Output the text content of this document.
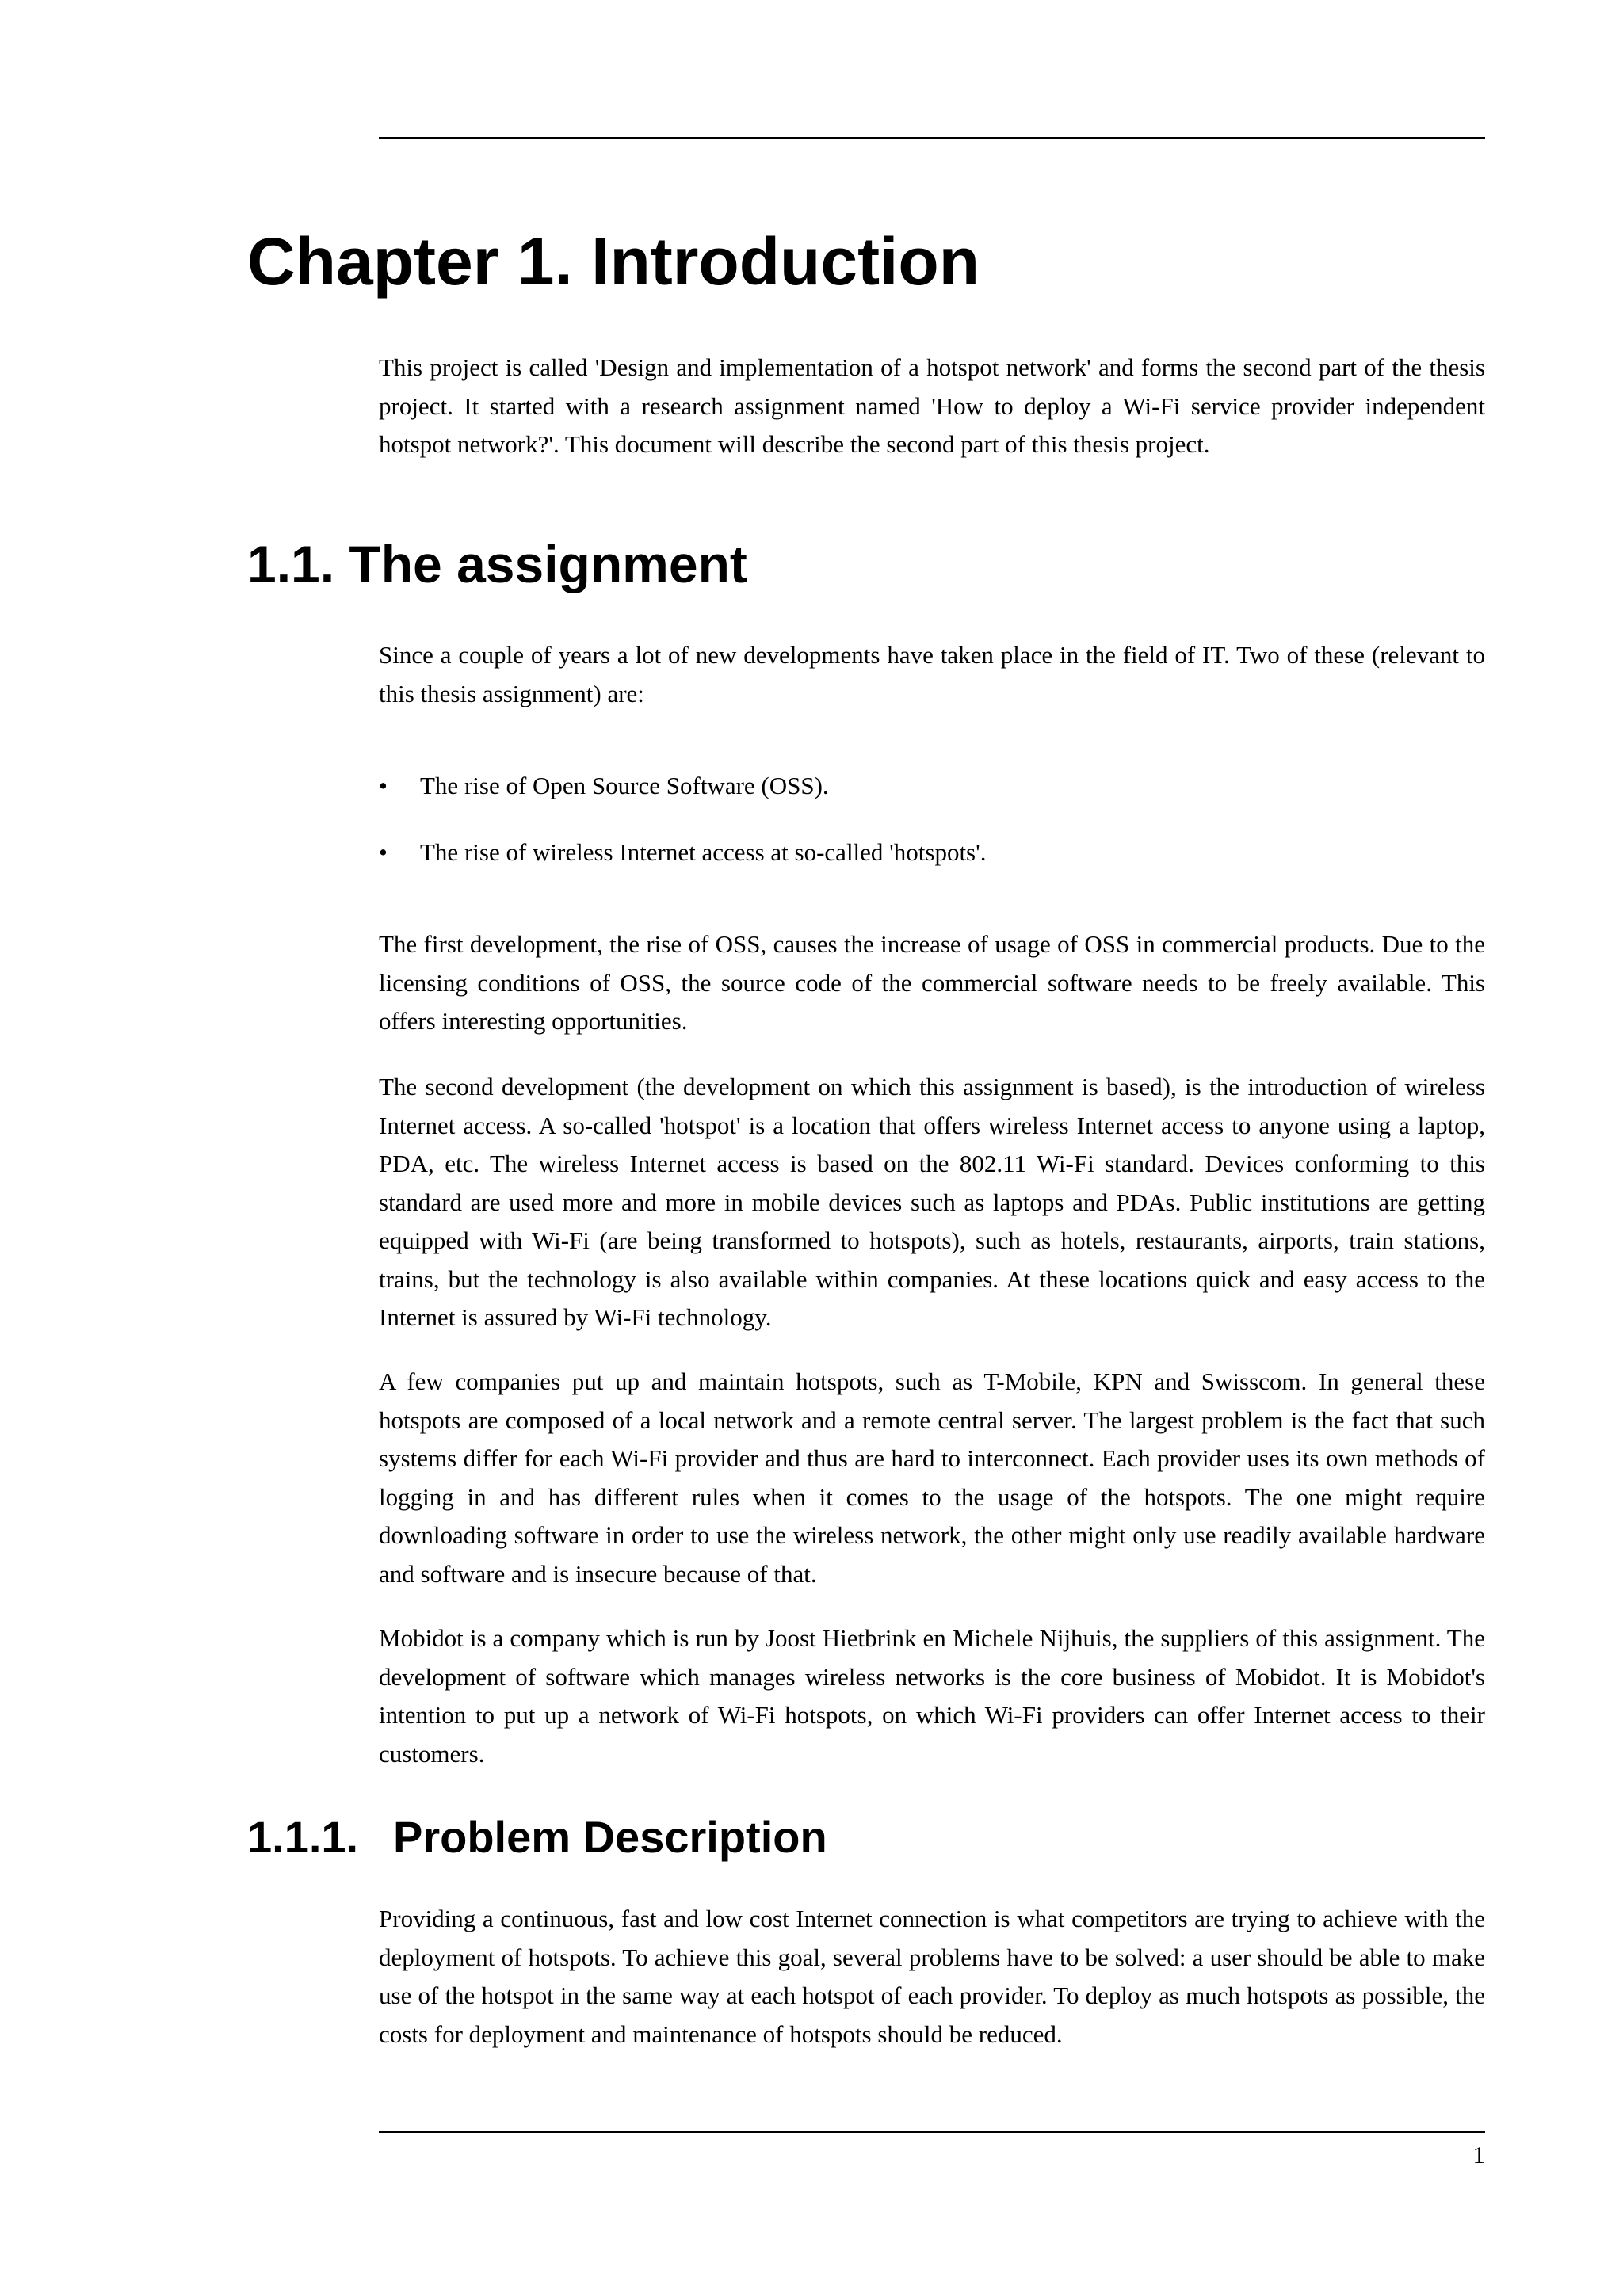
Chapter 1. Introduction

This project is called 'Design and implementation of a hotspot network' and forms the second part of the thesis project. It started with a research assignment named 'How to deploy a Wi-Fi service provider independent hotspot network?'. This document will describe the second part of this thesis project.

1.1. The assignment

Since a couple of years a lot of new developments have taken place in the field of IT. Two of these (relevant to this thesis assignment) are:

• The rise of Open Source Software (OSS).
• The rise of wireless Internet access at so-called 'hotspots'.

The first development, the rise of OSS, causes the increase of usage of OSS in commercial products. Due to the licensing conditions of OSS, the source code of the commercial software needs to be freely available. This offers interesting opportunities.

The second development (the development on which this assignment is based), is the introduction of wireless Internet access. A so-called 'hotspot' is a location that offers wireless Internet access to anyone using a laptop, PDA, etc. The wireless Internet access is based on the 802.11 Wi-Fi standard. Devices conforming to this standard are used more and more in mobile devices such as laptops and PDAs. Public institutions are getting equipped with Wi-Fi (are being transformed to hotspots), such as hotels, restaurants, airports, train stations, trains, but the technology is also available within companies. At these locations quick and easy access to the Internet is assured by Wi-Fi technology.

A few companies put up and maintain hotspots, such as T-Mobile, KPN and Swisscom. In general these hotspots are composed of a local network and a remote central server. The largest problem is the fact that such systems differ for each Wi-Fi provider and thus are hard to interconnect. Each provider uses its own methods of logging in and has different rules when it comes to the usage of the hotspots. The one might require downloading software in order to use the wireless network, the other might only use readily available hardware and software and is insecure because of that.

Mobidot is a company which is run by Joost Hietbrink en Michele Nijhuis, the suppliers of this assignment. The development of software which manages wireless networks is the core business of Mobidot. It is Mobidot's intention to put up a network of Wi-Fi hotspots, on which Wi-Fi providers can offer Internet access to their customers.

1.1.1. Problem Description

Providing a continuous, fast and low cost Internet connection is what competitors are trying to achieve with the deployment of hotspots. To achieve this goal, several problems have to be solved: a user should be able to make use of the hotspot in the same way at each hotspot of each provider. To deploy as much hotspots as possible, the costs for deployment and maintenance of hotspots should be reduced.

1
